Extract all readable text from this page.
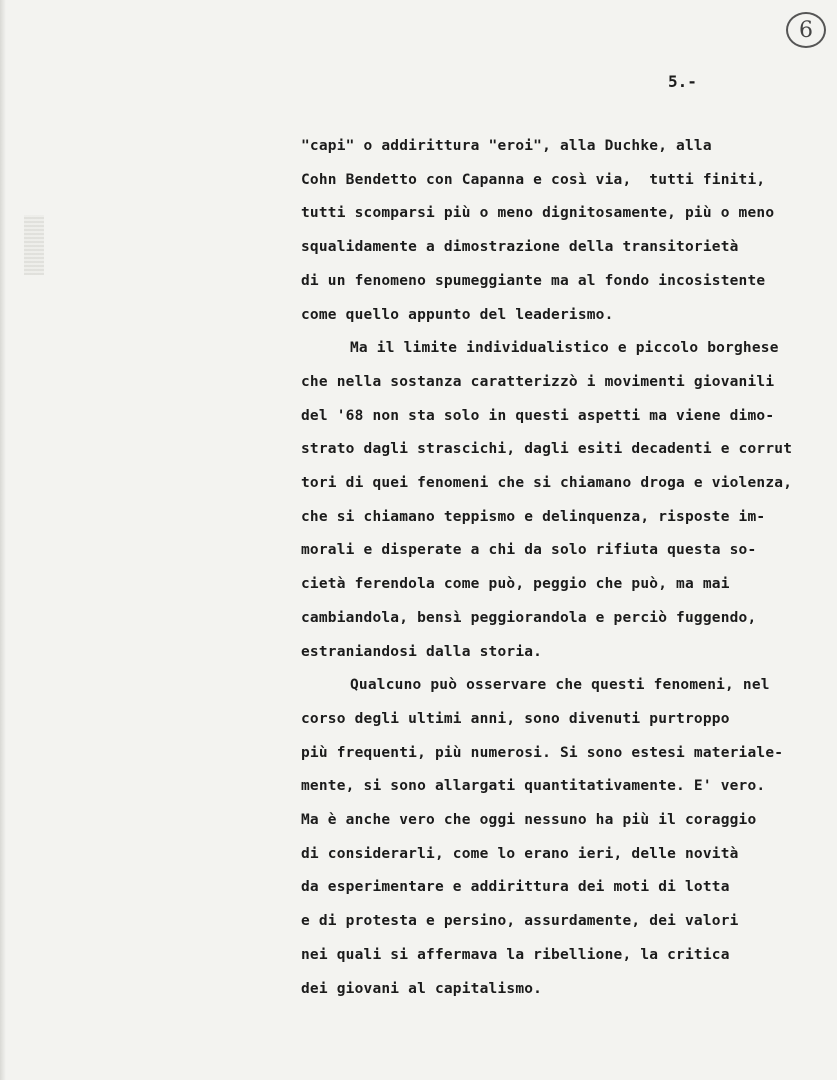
6
5.-
"capi" o addirittura "eroi", alla Duchke, alla
Cohn Bendetto con Capanna e così via,  tutti finiti,
tutti scomparsi più o meno dignitosamente, più o meno
squalidamente a dimostrazione della transitorietà
di un fenomeno spumeggiante ma al fondo incosistente
come quello appunto del leaderismo.
Ma il limite individualistico e piccolo borghese
che nella sostanza caratterizzò i movimenti giovanili
del '68 non sta solo in questi aspetti ma viene dimo-
strato dagli strascichi, dagli esiti decadenti e corrut
tori di quei fenomeni che si chiamano droga e violenza,
che si chiamano teppismo e delinquenza, risposte im-
morali e disperate a chi da solo rifiuta questa so-
cietà ferendola come può, peggio che può, ma mai
cambiandola, bensì peggiorandola e perciò fuggendo,
estraniandosi dalla storia.
Qualcuno può osservare che questi fenomeni, nel
corso degli ultimi anni, sono divenuti purtroppo
più frequenti, più numerosi. Si sono estesi materiale-
mente, si sono allargati quantitativamente. E' vero.
Ma è anche vero che oggi nessuno ha più il coraggio
di considerarli, come lo erano ieri, delle novità
da esperimentare e addirittura dei moti di lotta
e di protesta e persino, assurdamente, dei valori
nei quali si affermava la ribellione, la critica
dei giovani al capitalismo.
